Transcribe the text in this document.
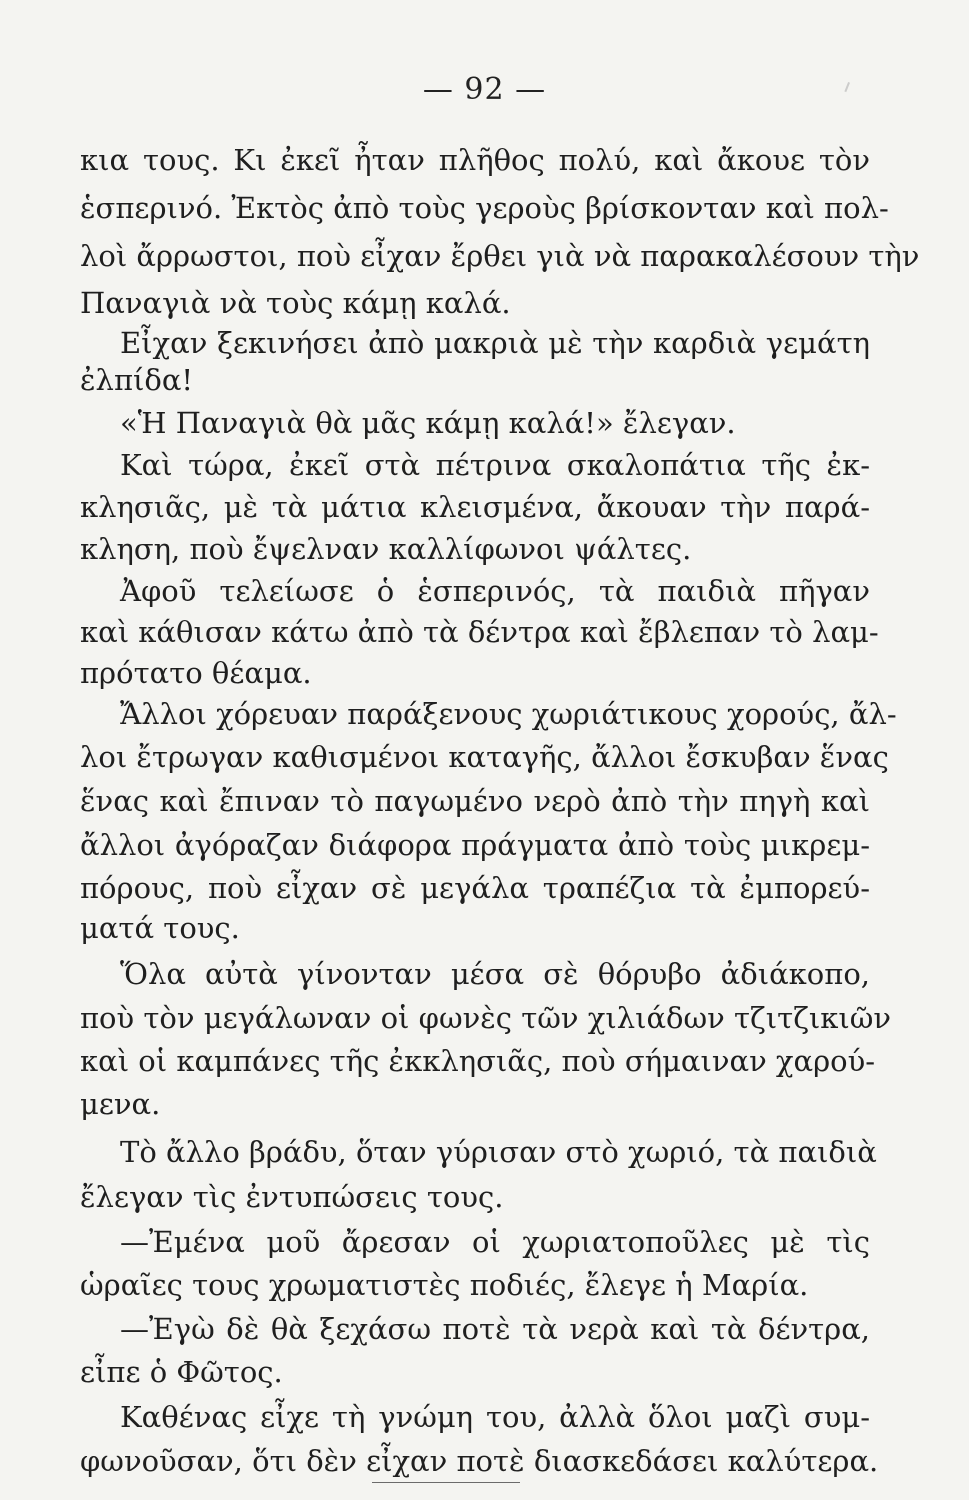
— 92 —
κια τους. Κι ἐκεῖ ἦταν πλῆθος πολύ, καὶ ἄκουε τὸν
ἑσπερινό. Ἐκτὸς ἀπὸ τοὺς γεροὺς βρίσκονταν καὶ πολ-
λοὶ ἄρρωστοι, ποὺ εἶχαν ἔρθει γιὰ νὰ παρακαλέσουν τὴν
Παναγιὰ νὰ τοὺς κάμῃ καλά.
Εἶχαν ξεκινήσει ἀπὸ μακριὰ μὲ τὴν καρδιὰ γεμάτη
ἐλπίδα!
«Ἡ Παναγιὰ θὰ μᾶς κάμῃ καλά!» ἔλεγαν.
Καὶ τώρα, ἐκεῖ στὰ πέτρινα σκαλοπάτια τῆς ἐκ-
κλησιᾶς, μὲ τὰ μάτια κλεισμένα, ἄκουαν τὴν παρά-
κληση, ποὺ ἔψελναν καλλίφωνοι ψάλτες.
Ἀφοῦ τελείωσε ὁ ἑσπερινός, τὰ παιδιὰ πῆγαν
καὶ κάθισαν κάτω ἀπὸ τὰ δέντρα καὶ ἔβλεπαν τὸ λαμ-
πρότατο θέαμα.
Ἄλλοι χόρευαν παράξενους χωριάτικους χορούς, ἄλ-
λοι ἔτρωγαν καθισμένοι καταγῆς, ἄλλοι ἔσκυβαν ἕνας
ἕνας καὶ ἔπιναν τὸ παγωμένο νερὸ ἀπὸ τὴν πηγὴ καὶ
ἄλλοι ἀγόραζαν διάφορα πράγματα ἀπὸ τοὺς μικρεμ-
πόρους, ποὺ εἶχαν σὲ μεγάλα τραπέζια τὰ ἐμπορεύ-
ματά τους.
Ὅλα αὐτὰ γίνονταν μέσα σὲ θόρυβο ἀδιάκοπο,
ποὺ τὸν μεγάλωναν οἱ φωνὲς τῶν χιλιάδων τζιτζικιῶν
καὶ οἱ καμπάνες τῆς ἐκκλησιᾶς, ποὺ σήμαιναν χαρού-
μενα.
Τὸ ἄλλο βράδυ, ὅταν γύρισαν στὸ χωριό, τὰ παιδιὰ
ἔλεγαν τὶς ἐντυπώσεις τους.
—Ἐμένα μοῦ ἄρεσαν οἱ χωριατοποῦλες μὲ τὶς
ὡραῖες τους χρωματιστὲς ποδιές, ἔλεγε ἡ Μαρία.
—Ἐγὼ δὲ θὰ ξεχάσω ποτὲ τὰ νερὰ καὶ τὰ δέντρα,
εἶπε ὁ Φῶτος.
Καθένας εἶχε τὴ γνώμη του, ἀλλὰ ὅλοι μαζὶ συμ-
φωνοῦσαν, ὅτι δὲν εἶχαν ποτὲ διασκεδάσει καλύτερα.
